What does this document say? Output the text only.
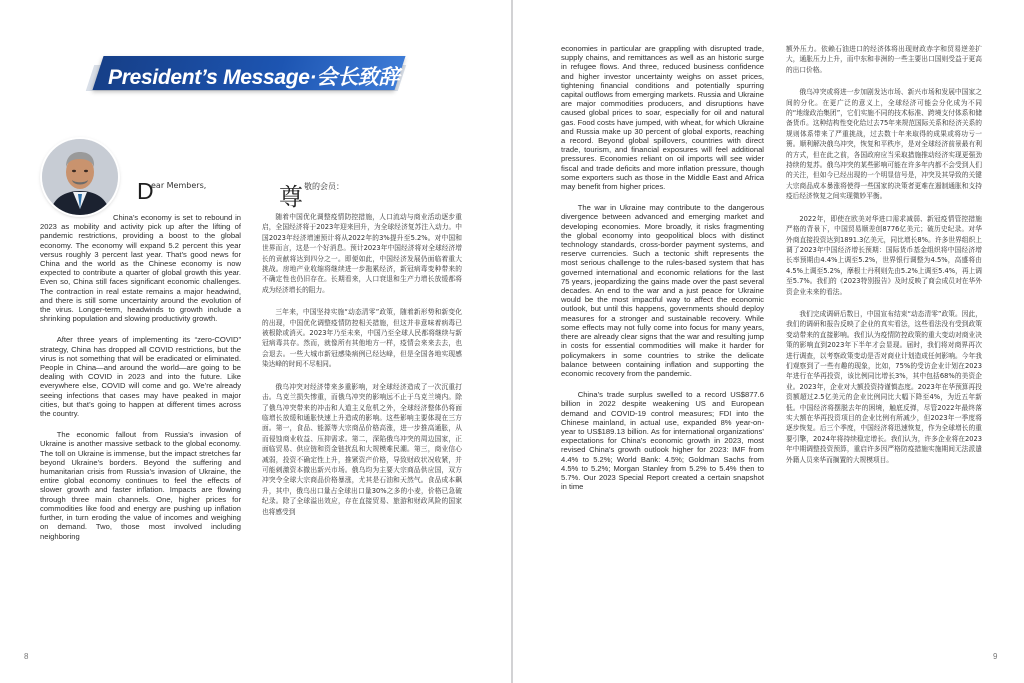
President’s Message·会长致辞
D
ear Members,	尊 敬的会员：

China’s economy is set to rebound in 2023 as mobility and activity pick up after the lifting of pandemic restrictions, providing a boost to the global economy. The economy will expand 5.2 percent this year versus roughly 3 percent last year. That’s good news for China and the world as the Chinese economy is now expected to contribute a quarter of global growth this year. Even so, China still faces significant economic challenges. The contraction in real estate remains a major headwind, and there is still some uncertainty around the evolution of the virus. Longer-term, headwinds to growth include a shrinking population and slowing productivity growth.

After three years of implementing its “zero-COVID” strategy, China has dropped all COVID restrictions, but the virus is not something that will be eradicated or eliminated. People in China—and around the world—are going to be dealing with COVID in 2023 and into the future. Like everywhere else, COVID will come and go. We’re already seeing infections that cases may have peaked in major cities, but that’s going to happen at different times across the country.

The economic fallout from Russia’s invasion of Ukraine is another massive setback to the global economy. The toll on Ukraine is immense, but the impact stretches far beyond Ukraine’s borders. Beyond the suffering and humanitarian crisis from Russia’s invasion of Ukraine, the entire global economy continues to feel the effects of slower growth and faster inflation. Impacts are flowing through three main channels. One, higher prices for commodities like food and energy are pushing up inflation further, in turn eroding the value of incomes and weighing on demand. Two, those most involved including neighboring

随着中国优化调整疫情防控措施，人口流动与商业活动逐步重启，全国经济将于2023年迎来回升，为全球经济复苏注入动力。中国2023年经济增速预计将从2022年的3%提升至5.2%。对中国和世界而言，这是一个好消息。预计2023年中国经济将对全球经济增长的贡献将达到四分之一。即便如此，中国经济发展仍面临着重大挑战。房地产业收缩将继续进一步拖累经济，新冠病毒变种带来的不确定性也仍旧存在。长期看来，人口衰退和生产力增长放缓都将成为经济增长的阻力。

三年来，中国坚持实施“动态清零”政策，随着新形势和新变化的出现，中国优化调整疫情防控相关措施，但这并非意味着病毒已被根除或消灭。2023年乃至未来，中国乃至全球人民都将继续与新冠病毒共存。然而，就像所有其他地方一样，疫情会来来去去，也会退去。一些大城市新冠感染病例已经达峰，但是全国各地实现感染达峰的时间不尽相同。

俄乌冲突对经济带来多重影响，对全球经济造成了一次沉重打击。乌克兰损失惨重，而俄乌冲突的影响远不止于乌克兰境内。除了俄乌冲突带来的冲击和人道主义危机之外，全球经济整体仍将面临增长放缓和通胀快速上升造成的影响。这些影响主要体现在三方面。第一，食品、能源等大宗商品价格高涨，进一步推高通胀，从而侵蚀商业收益、压抑需求。第二，深陷俄乌冲突的周边国家，正面临贸易、供应链和资金链扰乱和大规模难民潮。第三，商业信心减弱，投资不确定性上升，推紧资产价格，导致财政状况收紧，并可能刺激资本撤出新兴市场。俄乌均为主要大宗商品供应国，双方冲突令全球大宗商品价格暴涨，尤其是石油和天然气。食品成本飙升，其中，俄乌出口量占全球出口量30%之多的小麦，价格已急破纪录。除了全球溢出效应，存在直接贸易、旅游和财政风险的国家也将感受到

8

economies in particular are grappling with disrupted trade, supply chains, and remittances as well as an historic surge in refugee flows. And three, reduced business confidence and higher investor uncertainty weighs on asset prices, tightening financial conditions and potentially spurring capital outflows from emerging markets. Russia and Ukraine are major commodities producers, and disruptions have caused global prices to soar, especially for oil and natural gas. Food costs have jumped, with wheat, for which Ukraine and Russia make up 30 percent of global exports, reaching a record. Beyond global spillovers, countries with direct trade, tourism, and financial exposures will feel additional pressures. Economies reliant on oil imports will see wider fiscal and trade deficits and more inflation pressure, though some exporters such as those in the Middle East and Africa may benefit from higher prices.

The war in Ukraine may contribute to the dangerous divergence between advanced and emerging market and developing economies. More broadly, it risks fragmenting the global economy into geopolitical blocs with distinct technology standards, cross-border payment systems, and reserve currencies. Such a tectonic shift represents the most serious challenge to the rules-based system that has governed international and economic relations for the last 75 years, jeopardizing the gains made over the past several decades. An end to the war and a just peace for Ukraine would be the most impactful way to affect the economic outlook, but until this happens, governments should deploy measures for a stronger and sustainable recovery. While some effects may not fully come into focus for many years, there are already clear signs that the war and resulting jump in costs for essential commodities will make it harder for policymakers in some countries to strike the delicate balance between containing inflation and supporting the economic recovery from the pandemic.

China’s trade surplus swelled to a record US$877.6 billion in 2022 despite weakening US and European demand and COVID-19 control measures; FDI into the Chinese mainland, in actual use, expanded 8% year-on-year to US$189.13 billion. As for international organizations’ expectations for China’s economic growth in 2023, most revised China’s growth outlook higher for 2023: IMF from 4.4% to 5.2%; World Bank: 4.5%; Goldman Sachs from 4.5% to 5.2%; Morgan Stanley from 5.2% to 5.4% then to 5.7%. Our 2023 Special Report created a certain snapshot in time

额外压力。依赖石油进口的经济体将出现财政赤字和贸易逆差扩大，通胀压力上升，而中东和非洲的一些主要出口国则受益于更高的出口价格。

俄乌冲突或将进一步加剧发达市场、新兴市场和发展中国家之间的分化。在更广泛的意义上，全球经济可能会分化成为不同的“地缘政治集团”，它们实施不同的技术标准、跨境支付体系和储备货币。这种结构性变化给过去75年来规范国际关系和经济关系的规则体系带来了严重挑战，过去数十年来取得的成果或将功亏一篑。顺利解决俄乌冲突，恢复和平秩序，是对全球经济前景最有利的方式，但在此之前，各国政府应当采取措施推动经济实现更强劲持续的复苏。俄乌冲突的某些影响可能在许多年内都不会受到人们的关注，但如今已经出现的一个明显信号是，冲突及其导致的关键大宗商品成本暴涨将使得一些国家的决策者更难在遏制通胀和支持疫后经济恢复之间实现微妙平衡。

2022年，即使在欧美对华进口需求减弱、新冠疫情管控措施严格的背景下，中国贸易顺差创8776亿美元；破历史纪录。对华外商直接投资达到1891.3亿美元，同比增长8%。许多世界组织上调了2023年中国经济增长预期：国际货币基金组织将中国经济增长率预期由4.4%上调至5.2%，世界银行调整为4.5%，高盛将由4.5%上调至5.2%，摩根士丹利则先由5.2%上调至5.4%，再上调至5.7%。我们的《2023特别报告》及时反映了商会成员对在华外资企业未来的看法。

我们完成调研后数日，中国宣布结束“动态清零”政策。因此，我们的调研和报告反映了企业的真实看法，这些看法没有受到政策变动带来的直接影响。我们认为疫情防控政策的重大变动对商业决策的影响直到2023年下半年才会显现。届时，我们将对商界再次进行调查，以考察政策变动是否对商业计划造成任何影响。今年我们观察到了一些有趣的现象，比如，75%的受访企业计划在2023年进行在华再投资，该比例同比增长3%，其中包括68%的美资企业。2023年，企业对大额投资持谨慎态度。2023年在华预算再投资额超过2.5亿美元的企业比例同比大幅下降至4%，为近五年新低。中国经济将摆脱去年的困境，触底反弹，尽管2022年最终落实大额在华再投资项目的企业比例有所减少，但2023年一季度将逐步恢复。后三个季度，中国经济将迅速恢复，作为全球增长的重要引擎，2024年将持续稳定增长。我们认为，许多企业将在2023年中期调整投资预算，重启许多因严格防疫措施实施期间无法派遣外籍人员来华而搁置的大规模项目。

9
